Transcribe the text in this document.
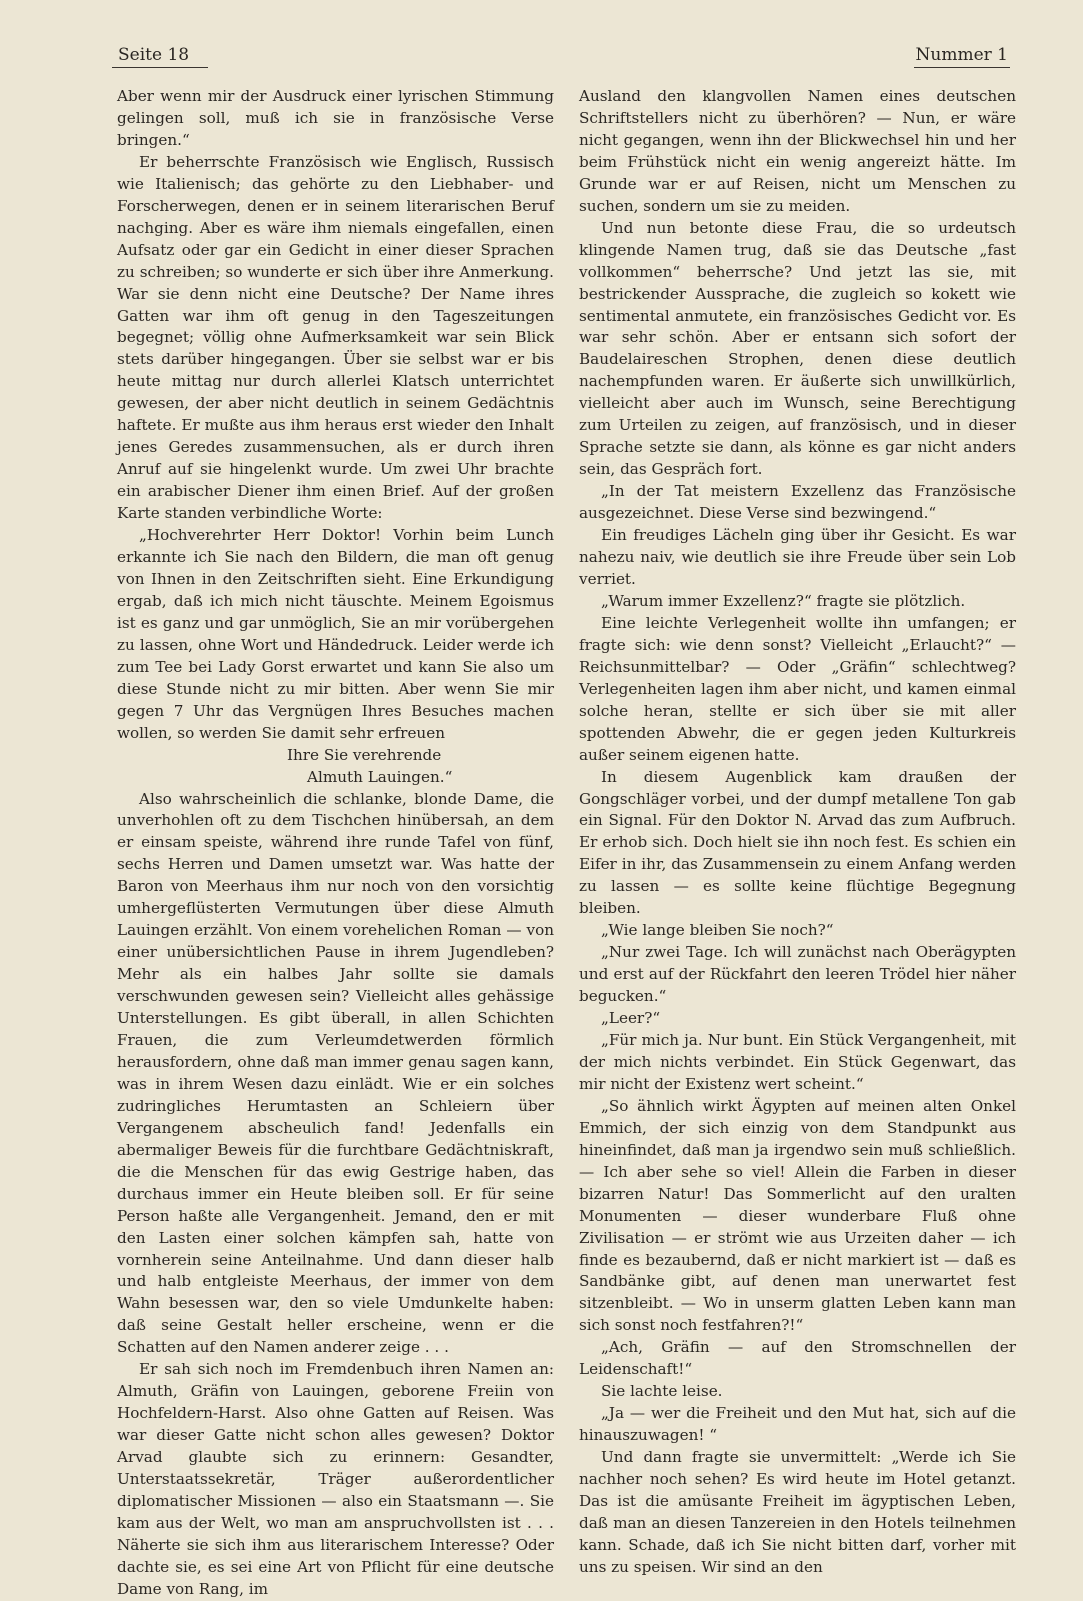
Seite 18	Nummer 1

Aber wenn mir der Ausdruck einer lyrischen Stimmung gelingen soll, muß ich sie in französische Verse bringen.“

Er beherrschte Französisch wie Englisch, Russisch wie Italienisch; das gehörte zu den Liebhaber- und Forscherwegen, denen er in seinem literarischen Beruf nachging. Aber es wäre ihm niemals eingefallen, einen Aufsatz oder gar ein Gedicht in einer dieser Sprachen zu schreiben; so wunderte er sich über ihre Anmerkung. War sie denn nicht eine Deutsche? Der Name ihres Gatten war ihm oft genug in den Tageszeitungen begegnet; völlig ohne Aufmerksamkeit war sein Blick stets darüber hingegangen. Über sie selbst war er bis heute mittag nur durch allerlei Klatsch unterrichtet gewesen, der aber nicht deutlich in seinem Gedächtnis haftete. Er mußte aus ihm heraus erst wieder den Inhalt jenes Geredes zusammensuchen, als er durch ihren Anruf auf sie hingelenkt wurde. Um zwei Uhr brachte ein arabischer Diener ihm einen Brief. Auf der großen Karte standen verbindliche Worte:

„Hochverehrter Herr Doktor! Vorhin beim Lunch erkannte ich Sie nach den Bildern, die man oft genug von Ihnen in den Zeitschriften sieht. Eine Erkundigung ergab, daß ich mich nicht täuschte. Meinem Egoismus ist es ganz und gar unmöglich, Sie an mir vorübergehen zu lassen, ohne Wort und Händedruck. Leider werde ich zum Tee bei Lady Gorst erwartet und kann Sie also um diese Stunde nicht zu mir bitten. Aber wenn Sie mir gegen 7 Uhr das Vergnügen Ihres Besuches machen wollen, so werden Sie damit sehr erfreuen

Ihre Sie verehrende

Almuth Lauingen.“

Also wahrscheinlich die schlanke, blonde Dame, die unverhohlen oft zu dem Tischchen hinübersah, an dem er einsam speiste, während ihre runde Tafel von fünf, sechs Herren und Damen umsetzt war. Was hatte der Baron von Meerhaus ihm nur noch von den vorsichtig umhergeflüsterten Vermutungen über diese Almuth Lauingen erzählt. Von einem vorehelichen Roman — von einer unübersichtlichen Pause in ihrem Jugendleben? Mehr als ein halbes Jahr sollte sie damals verschwunden gewesen sein? Vielleicht alles gehässige Unterstellungen. Es gibt überall, in allen Schichten Frauen, die zum Verleumdetwerden förmlich herausfordern, ohne daß man immer genau sagen kann, was in ihrem Wesen dazu einlädt. Wie er ein solches zudringliches Herumtasten an Schleiern über Vergangenem abscheulich fand! Jedenfalls ein abermaliger Beweis für die furchtbare Gedächtniskraft, die die Menschen für das ewig Gestrige haben, das durchaus immer ein Heute bleiben soll. Er für seine Person haßte alle Vergangenheit. Jemand, den er mit den Lasten einer solchen kämpfen sah, hatte von vornherein seine Anteilnahme. Und dann dieser halb und halb entgleiste Meerhaus, der immer von dem Wahn besessen war, den so viele Umdunkelte haben: daß seine Gestalt heller erscheine, wenn er die Schatten auf den Namen anderer zeige . . .

Er sah sich noch im Fremdenbuch ihren Namen an: Almuth, Gräfin von Lauingen, geborene Freiin von Hochfeldern-Harst. Also ohne Gatten auf Reisen. Was war dieser Gatte nicht schon alles gewesen? Doktor Arvad glaubte sich zu erinnern: Gesandter, Unterstaatssekretär, Träger außerordentlicher diplomatischer Missionen — also ein Staatsmann —. Sie kam aus der Welt, wo man am anspruchvollsten ist . . . Näherte sie sich ihm aus literarischem Interesse? Oder dachte sie, es sei eine Art von Pflicht für eine deutsche Dame von Rang, im

Ausland den klangvollen Namen eines deutschen Schriftstellers nicht zu überhören? — Nun, er wäre nicht gegangen, wenn ihn der Blickwechsel hin und her beim Frühstück nicht ein wenig angereizt hätte. Im Grunde war er auf Reisen, nicht um Menschen zu suchen, sondern um sie zu meiden.

Und nun betonte diese Frau, die so urdeutsch klingende Namen trug, daß sie das Deutsche „fast vollkommen“ beherrsche? Und jetzt las sie, mit bestrickender Aussprache, die zugleich so kokett wie sentimental anmutete, ein französisches Gedicht vor. Es war sehr schön. Aber er entsann sich sofort der Baudelaireschen Strophen, denen diese deutlich nachempfunden waren. Er äußerte sich unwillkürlich, vielleicht aber auch im Wunsch, seine Berechtigung zum Urteilen zu zeigen, auf französisch, und in dieser Sprache setzte sie dann, als könne es gar nicht anders sein, das Gespräch fort.

„In der Tat meistern Exzellenz das Französische ausgezeichnet. Diese Verse sind bezwingend.“

Ein freudiges Lächeln ging über ihr Gesicht. Es war nahezu naiv, wie deutlich sie ihre Freude über sein Lob verriet.

„Warum immer Exzellenz?“ fragte sie plötzlich.

Eine leichte Verlegenheit wollte ihn umfangen; er fragte sich: wie denn sonst? Vielleicht „Erlaucht?“ — Reichsunmittelbar? — Oder „Gräfin“ schlechtweg? Verlegenheiten lagen ihm aber nicht, und kamen einmal solche heran, stellte er sich über sie mit aller spottenden Abwehr, die er gegen jeden Kulturkreis außer seinem eigenen hatte.

In diesem Augenblick kam draußen der Gongschläger vorbei, und der dumpf metallene Ton gab ein Signal. Für den Doktor N. Arvad das zum Aufbruch. Er erhob sich. Doch hielt sie ihn noch fest. Es schien ein Eifer in ihr, das Zusammensein zu einem Anfang werden zu lassen — es sollte keine flüchtige Begegnung bleiben.

„Wie lange bleiben Sie noch?“

„Nur zwei Tage. Ich will zunächst nach Oberägypten und erst auf der Rückfahrt den leeren Trödel hier näher begucken.“

„Leer?“

„Für mich ja. Nur bunt. Ein Stück Vergangenheit, mit der mich nichts verbindet. Ein Stück Gegenwart, das mir nicht der Existenz wert scheint.“

„So ähnlich wirkt Ägypten auf meinen alten Onkel Emmich, der sich einzig von dem Standpunkt aus hineinfindet, daß man ja irgendwo sein muß schließlich. — Ich aber sehe so viel! Allein die Farben in dieser bizarren Natur! Das Sommerlicht auf den uralten Monumenten — dieser wunderbare Fluß ohne Zivilisation — er strömt wie aus Urzeiten daher — ich finde es bezaubernd, daß er nicht markiert ist — daß es Sandbänke gibt, auf denen man unerwartet fest sitzenbleibt. — Wo in unserm glatten Leben kann man sich sonst noch festfahren?!“

„Ach, Gräfin — auf den Stromschnellen der Leidenschaft!“

Sie lachte leise.

„Ja — wer die Freiheit und den Mut hat, sich auf die hinauszuwagen! “

Und dann fragte sie unvermittelt: „Werde ich Sie nachher noch sehen? Es wird heute im Hotel getanzt. Das ist die amüsante Freiheit im ägyptischen Leben, daß man an diesen Tanzereien in den Hotels teilnehmen kann. Schade, daß ich Sie nicht bitten darf, vorher mit uns zu speisen. Wir sind an den
